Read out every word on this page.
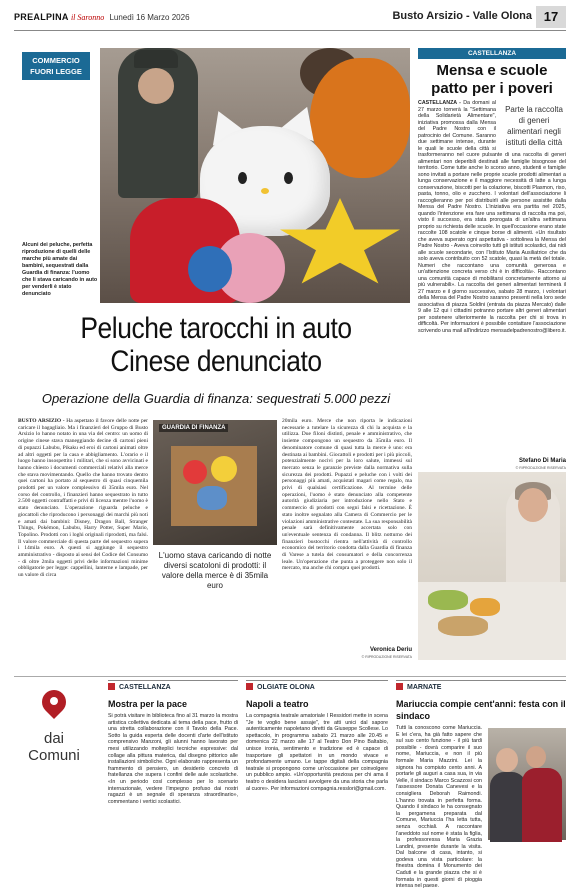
PREALPINA il Saronno Lunedì 16 Marzo 2026	Busto Arsizio - Valle Olona 17
COMMERCIO FUORI LEGGE
Alcuni dei peluche, perfetta riproduzione di quelli delle marche più amate dai bambini, sequestrati dalla Guardia di finanza: l'uomo che li stava caricando in auto per venderli è stato denunciato
Peluche tarocchi in auto Cinese denunciato
Operazione della Guardia di finanza: sequestrati 5.000 pezzi
BUSTO ARSIZIO - Ha aspettato il favore delle notte per caricare il bagagliaio. Ma i finanzieri del Gruppo di Busto Arsizio lo hanno notato in una via del centro: un uomo di origine cinese stava maneggiando decine di cartoni pieni di pupazzi Labubu, Pikaku ed eroi di cartoni animati oltre ad altri oggetti per la casa e abbigliamento. L'orario e il luogo hanno insospettito i militari, che si sono avvicinati e hanno chiesto i documenti commerciali relativi alla merce che stava movimentando. Quello che hanno trovato dentro quei cartoni ha portato al sequestro di quasi cinquemila prodotti per un valore complessivo di 35mila euro. Nel corso del controllo, i finanzieri hanno sequestrato in tutto 2.500 oggetti contraffatti e privi di licenza mentre l'uomo è stato denunciato. L'operazione riguarda peluche e giocattoli che riproducono i personaggi dei marchi più noti e amati dai bambini: Disney, Dragon Ball, Stranger Things, Pokémon, Labubu, Harry Potter, Super Mario, Topolino. Prodotti con i loghi originali riprodotti, ma falsi. Il valore commerciale di questa parte del sequestro supera i 14mila euro. A questi si aggiunge il sequestro amministrativo - disposto ai sensi del Codice del Consumo - di oltre 2mila oggetti privi delle informazioni minime obbligatorie per legge: cappellini, lanterne e lampade, per un valore di circa
GUARDIA DI FINANZA
L'uomo stava caricando di notte diversi scatoloni di prodotti: il valore della merce è di 35mila euro
20mila euro. Merce che non riporta le indicazioni necessarie a tutelare la sicurezza di chi la acquista e la utilizza. Due filoni distinti, penale e amministrativo, che insieme compongono un sequestro da 35mila euro. Il denominatore comune di quasi tutta la merce è uno: era destinata ai bambini. Giocattoli e prodotti per i più piccoli, potenzialmente nocivi per la loro salute, immessi sul mercato senza le garanzie previste dalla normativa sulla sicurezza dei prodotti. Pupazzi e peluche con i volti dei personaggi più amati, acquistati magari come regalo, ma privi di qualsiasi certificazione. Al termine delle operazioni, l'uomo è stato denunciato alla competente autorità giudiziaria per introduzione nello Stato e commercio di prodotti con segni falsi e ricettazione. È stato inoltre segnalato alla Camera di Commercio per le violazioni amministrative contestate. La sua responsabilità penale sarà definitivamente accertata solo con un'eventuale sentenza di condanna. Il blitz notturno dei finanzieri bustocchi rientra nell'attività di controllo economico del territorio condotta dalla Guardia di finanza di Varese a tutela dei consumatori e della concorrenza leale. Un'operazione che punta a proteggere non solo il mercato, ma anche chi compra quei prodotti.
Veronica Deriu
© RIPRODUZIONE RISERVATA
CASTELLANZA
Mensa e scuole patto per i poveri
Parte la raccolta di generi alimentari negli istituti della città
CASTELLANZA - Da domani al 27 marzo tornerà la "Settimana della Solidarietà Alimentare", iniziativa promossa dalla Mensa del Padre Nostro con il patrocinio del Comune. Saranno due settimane intense, durante le quali le scuole della città si trasformeranno nel cuore pulsante di una raccolta di generi alimentari non deperibili destinati alle famiglie bisognose del territorio. Come tutte anche lo scorso anno, studenti e famiglie sono invitati a portare nelle proprie scuole prodotti alimentari a lunga conservazione e il maggiore necessità di latte a lunga conservazione, biscotti per la colazione, biscotti Plasmon, riso, pasta, tonno, olio e zucchero. I volontari dell'associazione li raccoglieranno per poi distribuirli alle persone assistite dalla Mensa del Padre Nostro. L'iniziativa era partita nel 2025, quando l'intenzione era fare una settimana di raccolta ma poi, visto il successo, era stata prorogata di un'altra settimana proprio su richiesta delle scuole. In quell'occasione erano state raccolte 108 scatole e cinque borse di alimenti. «Un risultato che aveva superato ogni aspettativa - sottolinea la Mensa del Padre Nostro - Aveva coinvolto tutti gli istituti scolastici, dai nidi alle scuole secondarie, con l'Istituto Maria Ausiliatrice che da solo aveva contribuito con 52 scatole, quasi la metà del totale. Numeri che raccontano una comunità generosa e un'attenzione concreta verso chi è in difficoltà». Raccontano una comunità capace di mobilitarsi concretamente attorno ai più vulnerabili». La raccolta dei generi alimentari terminerà il 27 marzo e il giorno successivo, sabato 28 marzo, i volontari della Mensa del Padre Nostro saranno presenti nella loro sede associativa di piazza Soldini (entrata da piazza Mercato) dalle 9 alle 12 qui i cittadini potranno portare altri generi alimentari per sostenere ulteriormente la raccolta per chi si trova in difficoltà. Per informazioni è possibile contattare l'associazione scrivendo una mail all'indirizzo mensadelpadrenostro@libero.it.
Stefano Di Maria
© RIPRODUZIONE RISERVATA
dai Comuni
CASTELLANZA
Mostra per la pace
Si potrà visitare in biblioteca fino al 31 marzo la mostra artistica collettiva dedicata al tema della pace, frutto di una stretta collaborazione con il Tavolo della Pace. Sotto la guida esperta delle docenti d'arte dell'istituto comprensivo Manzoni, gli alunni hanno lavorato per mesi utilizzando molteplici tecniche espressive: dal collage alla pittura materica, dal disegno pittorico alle installazioni simboliche. Ogni elaborato rappresenta un frammento di pensiero, un desiderio concreto di fratellanza che supera i confini delle aule scolastiche. «In un periodo così complesso per lo scenario internazionale, vedere l'impegno profuso dai nostri ragazzi è un segnale di speranza straordinario», commentano i vertici scolastici.
OLGIATE OLONA
Napoli a teatro
La compagnia teatrale amatoriale I Ressidori mette in scena "Je te voglio bene assaje", tre atti unici dal sapore autenticamente napoletano diretti da Giuseppe Scollese. Lo spettacolo, in programma sabato 21 marzo alle 20.45 e domenica 22 marzo alle 17 al Teatro Don Pino Baltabio, unisce ironia, sentimento e tradizione ed è capace di trasportare gli spettatori in un mondo vivace e profondamente umano. Le tappe digitali della compagnia teatrale si propongono come un'occasione per coinvolgere un pubblico ampio. «Un'opportunità preziosa per chi ama il teatro o desidera lasciarsi avvolgere da una storia che parla al cuore». Per informazioni compagnia.resslori@gmail.com.
MARNATE
Mariuccia compie cent'anni: festa con il sindaco
Tutti la conoscono come Mariuccia. E lei c'era, ha già fatto sapere che sul suo cento funzione - il più tardi possibile - dovrà comparire il suo nome, Mariuccia, e non il più formale Maria Mazzini. Lei la signora ha compiuto cento anni. A portarle gli auguri a casa sua, in via Velle, il sindaco Marco Scazzosi con l'assessore Donata Canevesi e la consigliera Deborah Raimondi. L'hanno trovata in perfetta forma. Quando il sindaco le ha consegnato la pergamena preparata dal Comune, Mariuccia l'ha letta tutta, senza occhiali. A raccontare l'aneddoto sul nome è stata la figlia, la professoressa Maria Grazia Landini, presente durante la visita. Dal balcone di casa, intanto, si godeva una vista particolare: la finestra domina il Monumento dei Caduti e la grande piazza che si è formata in questi giorni di pioggia intensa nel paese.
